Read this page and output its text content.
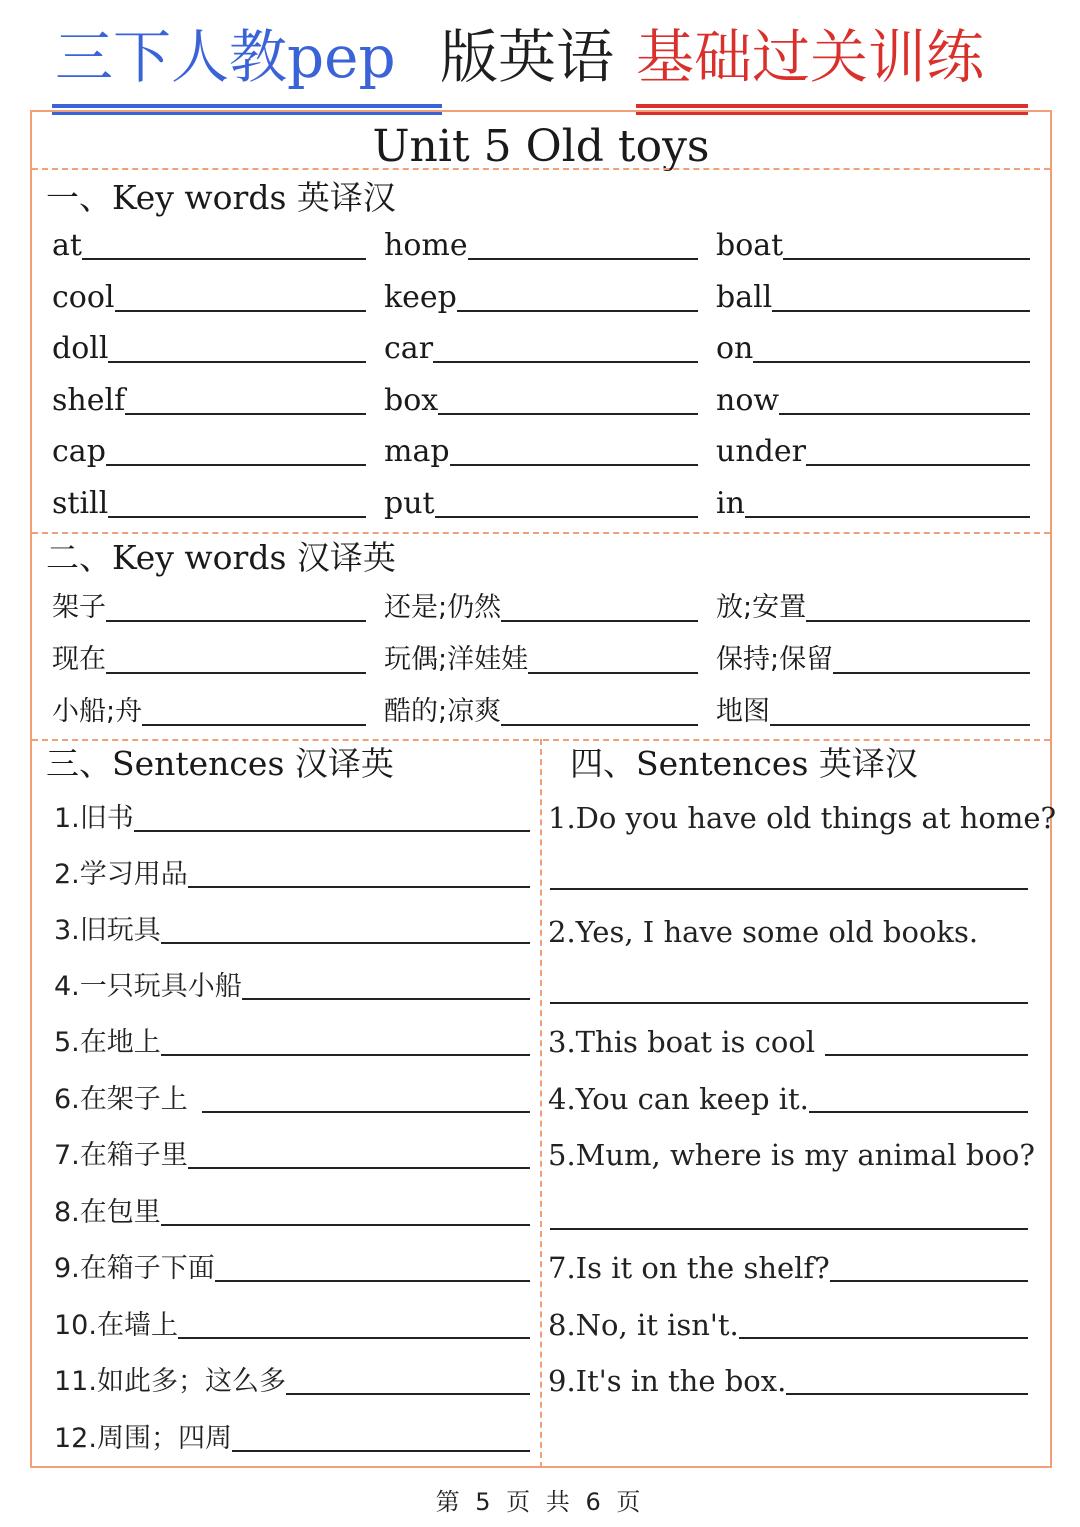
三下人教pep 版英语 基础过关训练
Unit 5 Old toys
一、Key words 英译汉
at	home	boat
cool	keep	ball
doll	car	on
shelf	box	now
cap	map	under
still	put	in
二、Key words 汉译英
架子	还是;仍然	放;安置
现在	玩偶;洋娃娃	保持;保留
小船;舟	酷的;凉爽	地图
三、Sentences 汉译英
1.旧书
2.学习用品
3.旧玩具
4.一只玩具小船
5.在地上
6.在架子上
7.在箱子里
8.在包里
9.在箱子下面
10.在墙上
11.如此多；这么多
12.周围；四周
四、Sentences 英译汉
1.Do you have old things at home?
2.Yes, I have some old books.
3.This boat is cool
4.You can keep it.
5.Mum, where is my animal boo?
7.Is it on the shelf?
8.No, it isn't.
9.It's in the box.
第 5 页 共 6 页
